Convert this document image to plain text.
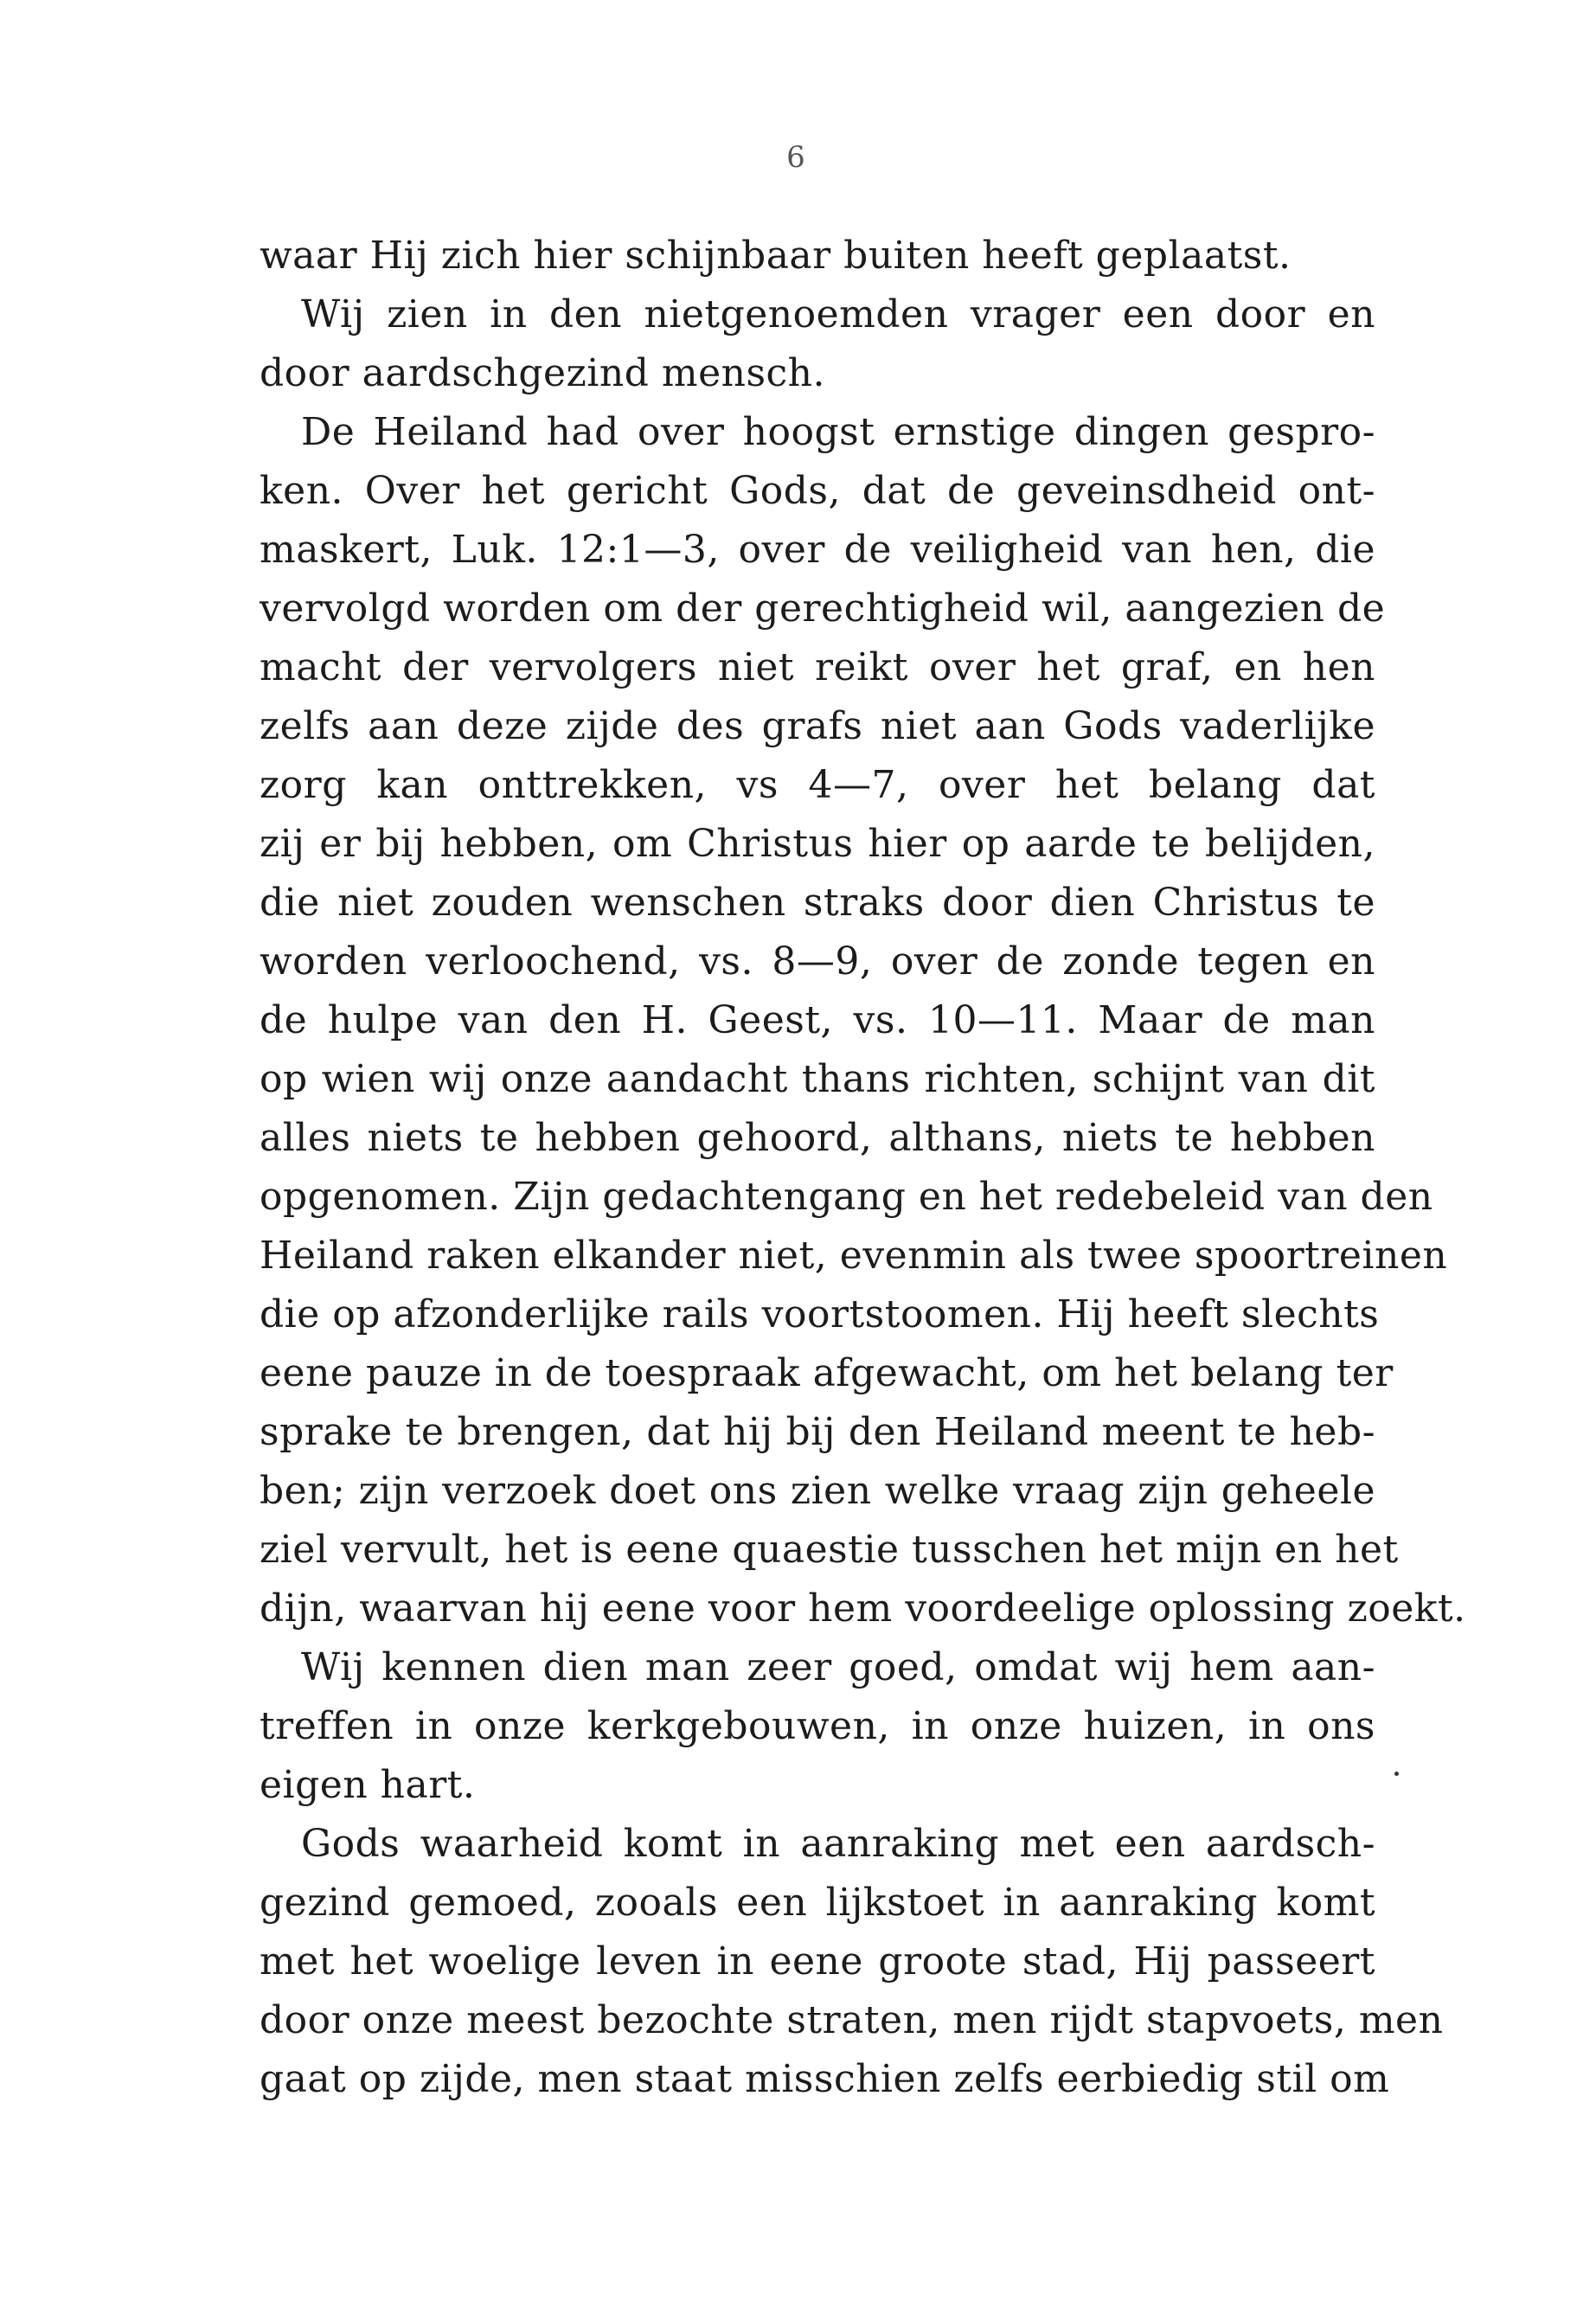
6
waar Hij zich hier schijnbaar buiten heeft geplaatst.
Wij zien in den nietgenoemden vrager een door en
door aardschgezind mensch.
De Heiland had over hoogst ernstige dingen gespro-
ken. Over het gericht Gods, dat de geveinsdheid ont-
maskert, Luk. 12:1—3, over de veiligheid van hen, die
vervolgd worden om der gerechtigheid wil, aangezien de
macht der vervolgers niet reikt over het graf, en hen
zelfs aan deze zijde des grafs niet aan Gods vaderlijke
zorg kan onttrekken, vs 4—7, over het belang dat
zij er bij hebben, om Christus hier op aarde te belijden,
die niet zouden wenschen straks door dien Christus te
worden verloochend, vs. 8—9, over de zonde tegen en
de hulpe van den H. Geest, vs. 10—11. Maar de man
op wien wij onze aandacht thans richten, schijnt van dit
alles niets te hebben gehoord, althans, niets te hebben
opgenomen. Zijn gedachtengang en het redebeleid van den
Heiland raken elkander niet, evenmin als twee spoortreinen
die op afzonderlijke rails voortstoomen. Hij heeft slechts
eene pauze in de toespraak afgewacht, om het belang ter
sprake te brengen, dat hij bij den Heiland meent te heb-
ben; zijn verzoek doet ons zien welke vraag zijn geheele
ziel vervult, het is eene quaestie tusschen het mijn en het
dijn, waarvan hij eene voor hem voordeelige oplossing zoekt.
Wij kennen dien man zeer goed, omdat wij hem aan-
treffen in onze kerkgebouwen, in onze huizen, in ons
eigen hart.
Gods waarheid komt in aanraking met een aardsch-
gezind gemoed, zooals een lijkstoet in aanraking komt
met het woelige leven in eene groote stad, Hij passeert
door onze meest bezochte straten, men rijdt stapvoets, men
gaat op zijde, men staat misschien zelfs eerbiedig stil om
